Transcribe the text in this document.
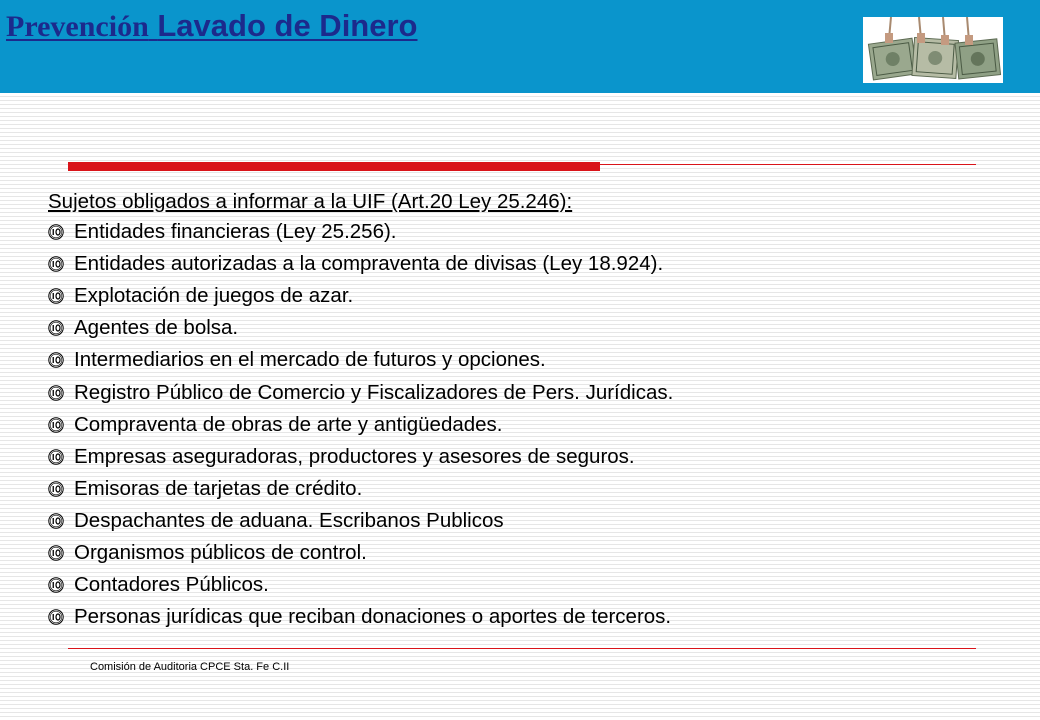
Prevención Lavado de Dinero
Sujetos obligados a informar a la UIF (Art.20 Ley 25.246):
Entidades financieras (Ley 25.256).
Entidades autorizadas a la compraventa de divisas (Ley 18.924).
Explotación de juegos de azar.
Agentes de bolsa.
Intermediarios en el mercado de futuros y opciones.
Registro Público de Comercio y Fiscalizadores de Pers. Jurídicas.
Compraventa de obras de arte y antigüedades.
Empresas aseguradoras, productores y asesores de seguros.
Emisoras de tarjetas de crédito.
Despachantes de aduana. Escribanos Publicos
Organismos públicos de control.
Contadores Públicos.
Personas jurídicas que reciban donaciones o aportes de terceros.
Comisión de Auditoria CPCE Sta. Fe C.II
